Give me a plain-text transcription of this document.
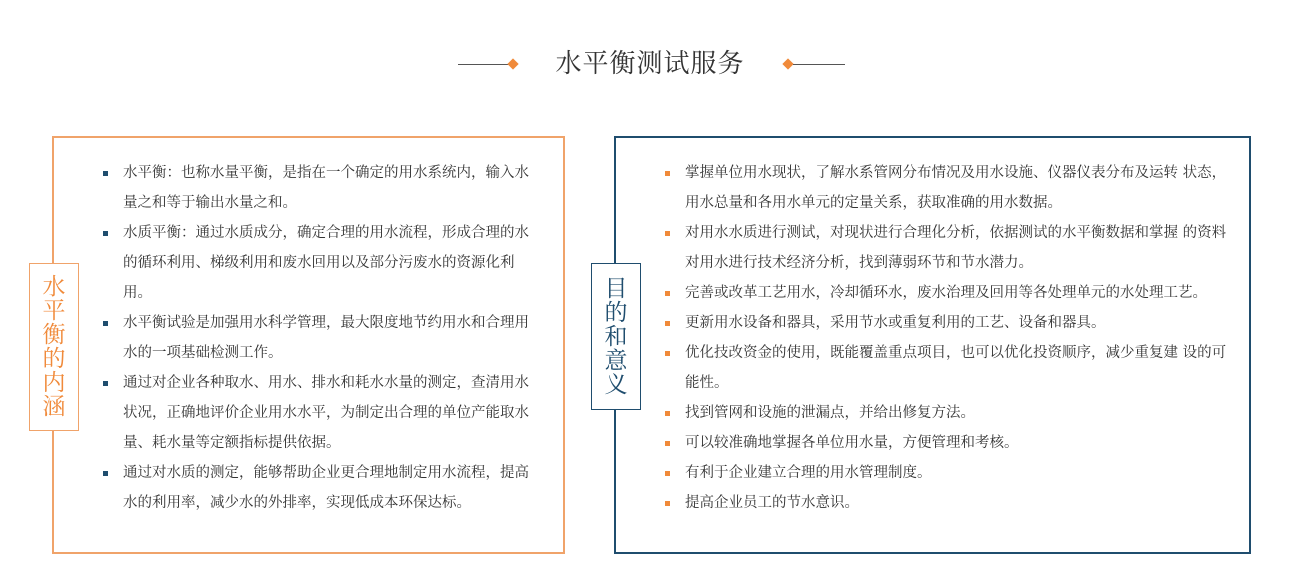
水平衡测试服务
水
平
衡
的
内
涵
目
的
和
意
义
水平衡：也称水量平衡，是指在一个确定的用水系统内，输入水量之和等于输出水量之和。
水质平衡：通过水质成分，确定合理的用水流程，形成合理的水的循环利用、梯级利用和废水回用以及部分污废水的资源化利用。
水平衡试验是加强用水科学管理，最大限度地节约用水和合理用水的一项基础检测工作。
通过对企业各种取水、用水、排水和耗水水量的测定，查清用水状况，正确地评价企业用水水平，为制定出合理的单位产能取水量、耗水量等定额指标提供依据。
通过对水质的测定，能够帮助企业更合理地制定用水流程，提高水的利用率，减少水的外排率，实现低成本环保达标。
掌握单位用水现状，了解水系管网分布情况及用水设施、仪器仪表分布及运转 状态，用水总量和各用水单元的定量关系，获取准确的用水数据。
对用水水质进行测试，对现状进行合理化分析，依据测试的水平衡数据和掌握 的资料对用水进行技术经济分析，找到薄弱环节和节水潜力。
完善或改革工艺用水，冷却循环水，废水治理及回用等各处理单元的水处理工艺。
更新用水设备和器具，采用节水或重复利用的工艺、设备和器具。
优化技改资金的使用，既能覆盖重点项目，也可以优化投资顺序，减少重复建 设的可能性。
找到管网和设施的泄漏点，并给出修复方法。
可以较准确地掌握各单位用水量，方便管理和考核。
有利于企业建立合理的用水管理制度。
提高企业员工的节水意识。
